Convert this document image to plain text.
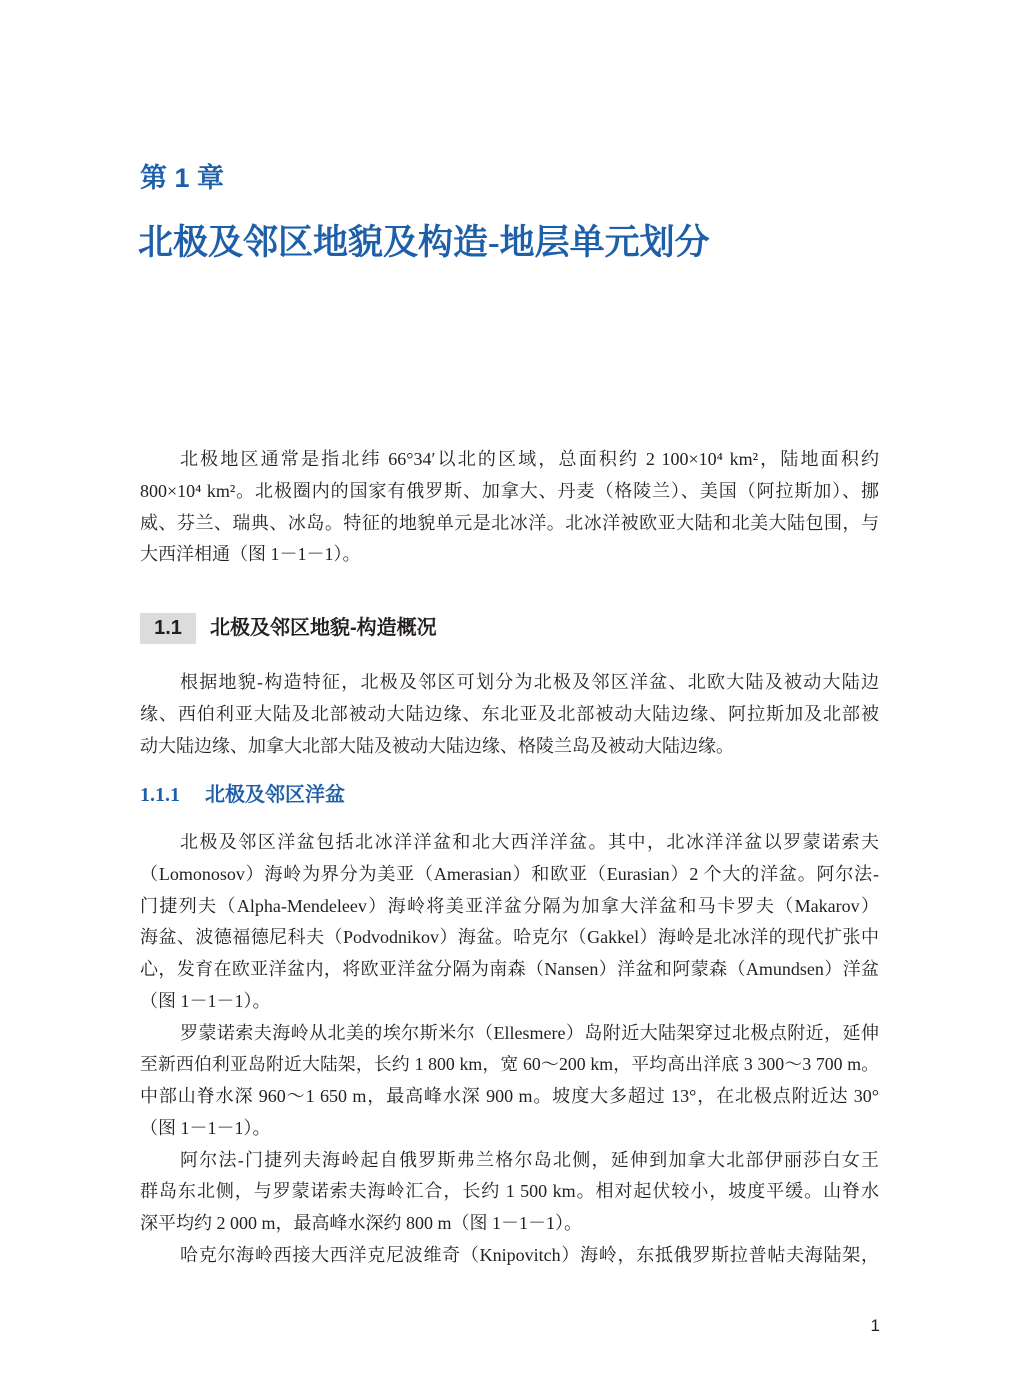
第 1 章
北极及邻区地貌及构造-地层单元划分
北极地区通常是指北纬 66°34′以北的区域，总面积约 2 100×10⁴ km²，陆地面积约
800×10⁴ km²。北极圈内的国家有俄罗斯、加拿大、丹麦（格陵兰）、美国（阿拉斯加）、挪
威、芬兰、瑞典、冰岛。特征的地貌单元是北冰洋。北冰洋被欧亚大陆和北美大陆包围，与
大西洋相通（图 1－1－1）。
1.1	北极及邻区地貌-构造概况
根据地貌-构造特征，北极及邻区可划分为北极及邻区洋盆、北欧大陆及被动大陆边
缘、西伯利亚大陆及北部被动大陆边缘、东北亚及北部被动大陆边缘、阿拉斯加及北部被
动大陆边缘、加拿大北部大陆及被动大陆边缘、格陵兰岛及被动大陆边缘。
1.1.1 北极及邻区洋盆
北极及邻区洋盆包括北冰洋洋盆和北大西洋洋盆。其中，北冰洋洋盆以罗蒙诺索夫
（Lomonosov）海岭为界分为美亚（Amerasian）和欧亚（Eurasian）2 个大的洋盆。阿尔法-
门捷列夫（Alpha-Mendeleev）海岭将美亚洋盆分隔为加拿大洋盆和马卡罗夫（Makarov）
海盆、波德福德尼科夫（Podvodnikov）海盆。哈克尔（Gakkel）海岭是北冰洋的现代扩张中
心，发育在欧亚洋盆内，将欧亚洋盆分隔为南森（Nansen）洋盆和阿蒙森（Amundsen）洋盆
（图 1－1－1）。
罗蒙诺索夫海岭从北美的埃尔斯米尔（Ellesmere）岛附近大陆架穿过北极点附近，延伸
至新西伯利亚岛附近大陆架，长约 1 800 km，宽 60～200 km，平均高出洋底 3 300～3 700 m。
中部山脊水深 960～1 650 m，最高峰水深 900 m。坡度大多超过 13°，在北极点附近达 30°
（图 1－1－1）。
阿尔法-门捷列夫海岭起自俄罗斯弗兰格尔岛北侧，延伸到加拿大北部伊丽莎白女王
群岛东北侧，与罗蒙诺索夫海岭汇合，长约 1 500 km。相对起伏较小，坡度平缓。山脊水
深平均约 2 000 m，最高峰水深约 800 m（图 1－1－1）。
哈克尔海岭西接大西洋克尼波维奇（Knipovitch）海岭，东抵俄罗斯拉普帖夫海陆架，
1
